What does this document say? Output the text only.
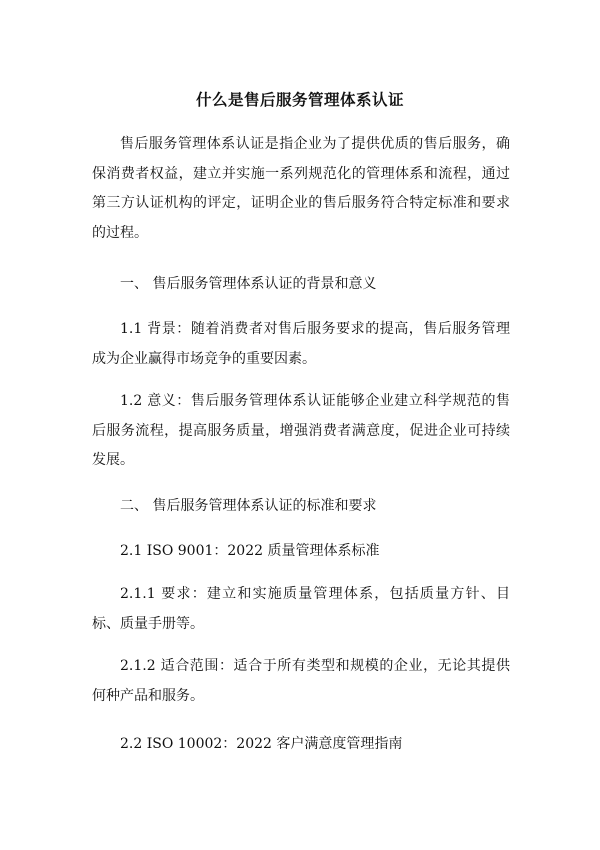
什么是售后服务管理体系认证

售后服务管理体系认证是指企业为了提供优质的售后服务，确保消费者权益，建立并实施一系列规范化的管理体系和流程，通过第三方认证机构的评定，证明企业的售后服务符合特定标准和要求的过程。

一、 售后服务管理体系认证的背景和意义

1.1 背景：随着消费者对售后服务要求的提高，售后服务管理成为企业赢得市场竞争的重要因素。

1.2 意义：售后服务管理体系认证能够企业建立科学规范的售后服务流程，提高服务质量，增强消费者满意度，促进企业可持续发展。

二、 售后服务管理体系认证的标准和要求

2.1 ISO 9001：2022 质量管理体系标准

2.1.1 要求：建立和实施质量管理体系，包括质量方针、目标、质量手册等。

2.1.2 适合范围：适合于所有类型和规模的企业，无论其提供何种产品和服务。

2.2 ISO 10002：2022 客户满意度管理指南
